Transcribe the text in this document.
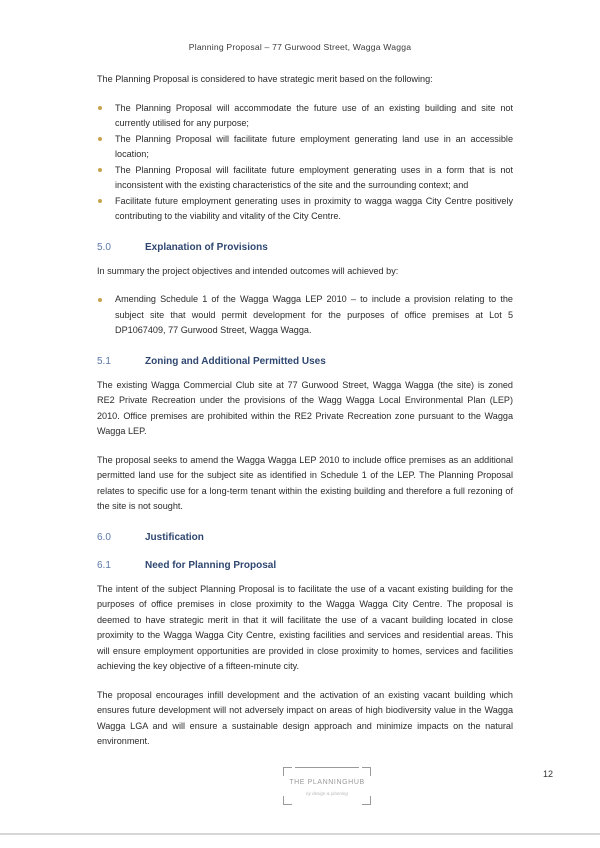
Planning Proposal – 77 Gurwood Street, Wagga Wagga

The Planning Proposal is considered to have strategic merit based on the following:

The Planning Proposal will accommodate the future use of an existing building and site not currently utilised for any purpose;
The Planning Proposal will facilitate future employment generating land use in an accessible location;
The Planning Proposal will facilitate future employment generating uses in a form that is not inconsistent with the existing characteristics of the site and the surrounding context; and
Facilitate future employment generating uses in proximity to wagga wagga City Centre positively contributing to the viability and vitality of the City Centre.
5.0	Explanation of Provisions

In summary the project objectives and intended outcomes will achieved by:

Amending Schedule 1 of the Wagga Wagga LEP 2010 – to include a provision relating to the subject site that would permit development for the purposes of office premises at Lot 5 DP1067409, 77 Gurwood Street, Wagga Wagga.
5.1	Zoning and Additional Permitted Uses

The existing Wagga Commercial Club site at 77 Gurwood Street, Wagga Wagga (the site) is zoned RE2 Private Recreation under the provisions of the Wagg Wagga Local Environmental Plan (LEP) 2010. Office premises are prohibited within the RE2 Private Recreation zone pursuant to the Wagga Wagga LEP.

The proposal seeks to amend the Wagga Wagga LEP 2010 to include office premises as an additional permitted land use for the subject site as identified in Schedule 1 of the LEP. The Planning Proposal relates to specific use for a long-term tenant within the existing building and therefore a full rezoning of the site is not sought.

6.0	Justification
6.1	Need for Planning Proposal

The intent of the subject Planning Proposal is to facilitate the use of a vacant existing building for the purposes of office premises in close proximity to the Wagga Wagga City Centre. The proposal is deemed to have strategic merit in that it will facilitate the use of a vacant building located in close proximity to the Wagga Wagga City Centre, existing facilities and services and residential areas. This will ensure employment opportunities are provided in close proximity to homes, services and facilities achieving the key objective of a fifteen-minute city.

The proposal encourages infill development and the activation of an existing vacant building which ensures future development will not adversely impact on areas of high biodiversity value in the Wagga Wagga LGA and will ensure a sustainable design approach and minimize impacts on the natural environment.

THE PLANNINGHUB
by design & planning
12
